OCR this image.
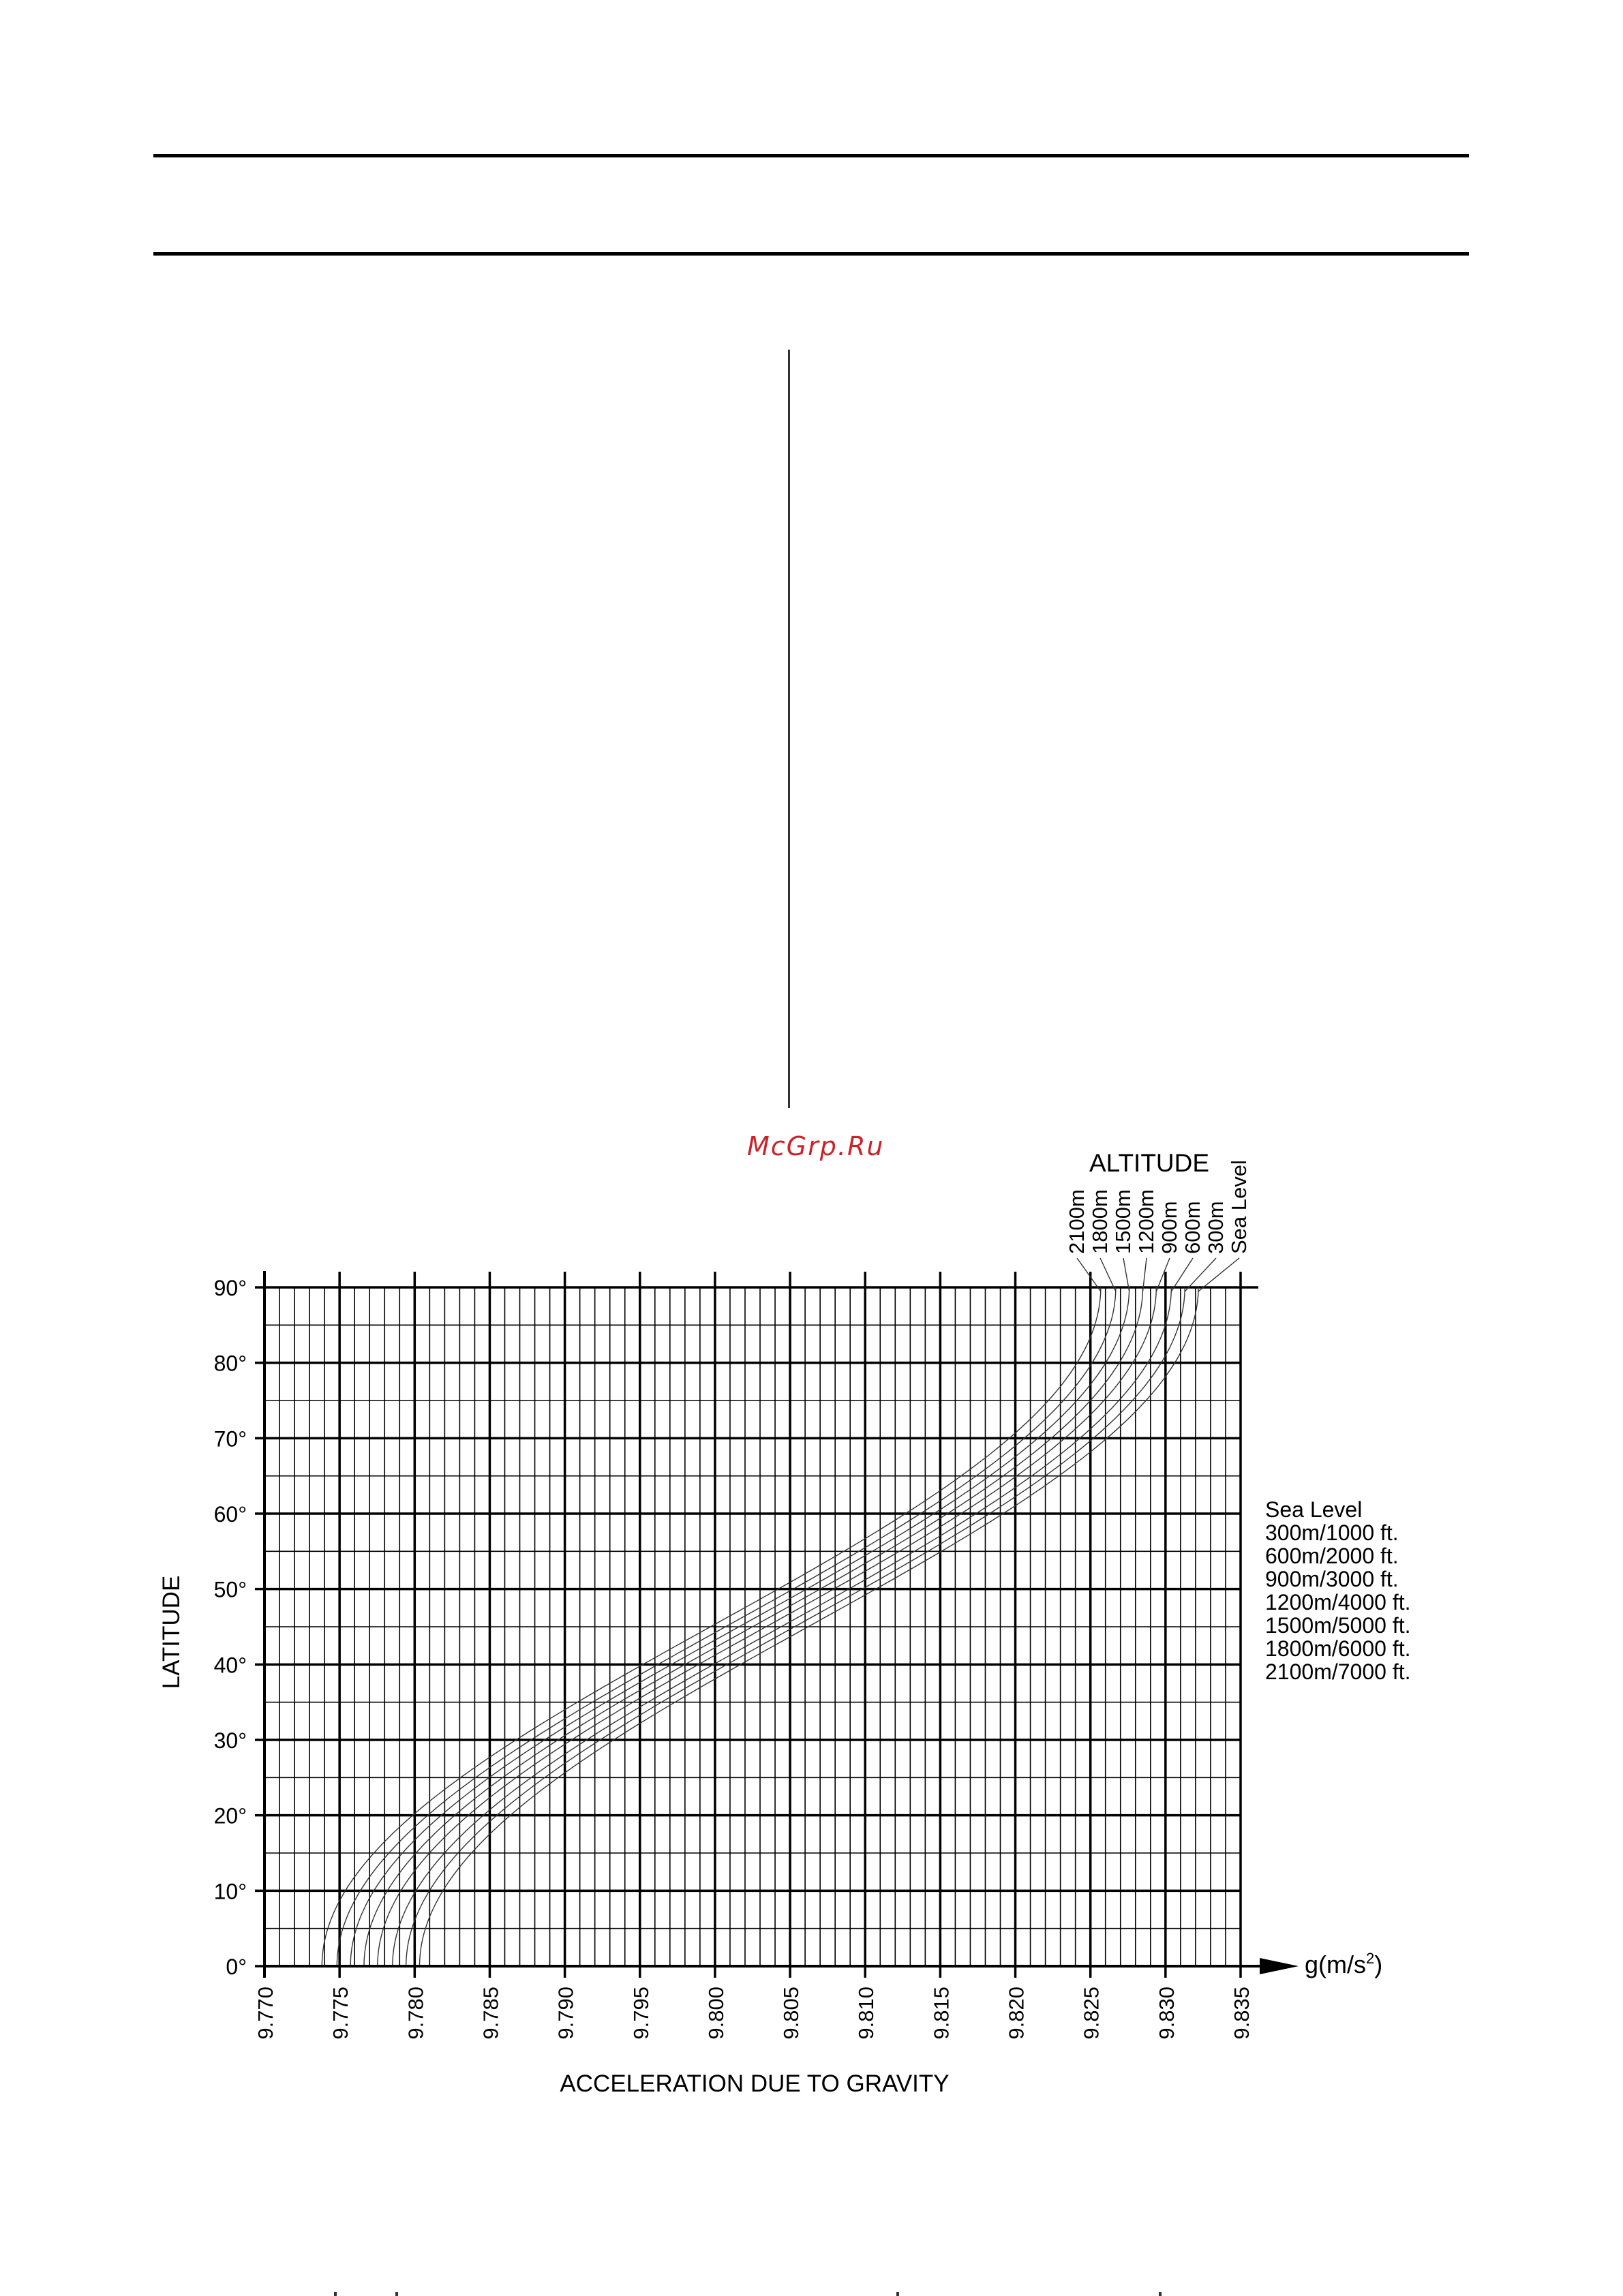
McGrp.Ru
9.770 9.775 9.780 9.785 9.790 9.795 9.800 9.805 9.810 9.815 9.820 9.825 9.830 9.835
0°
10°
20°
30°
40°
50°
60°
70°
80°
90°
Sea Level
300m
600m
900m
1200m
1500m
1800m
2100m
Sea Level
300m/1000 ft.
600m/2000 ft.
900m/3000 ft.
1200m/4000 ft.
1500m/5000 ft.
1800m/6000 ft.
2100m/7000 ft.
LATITUDE
ACCELERATION DUE TO GRAVITY
ALTITUDE
$g(m/s^2)$
